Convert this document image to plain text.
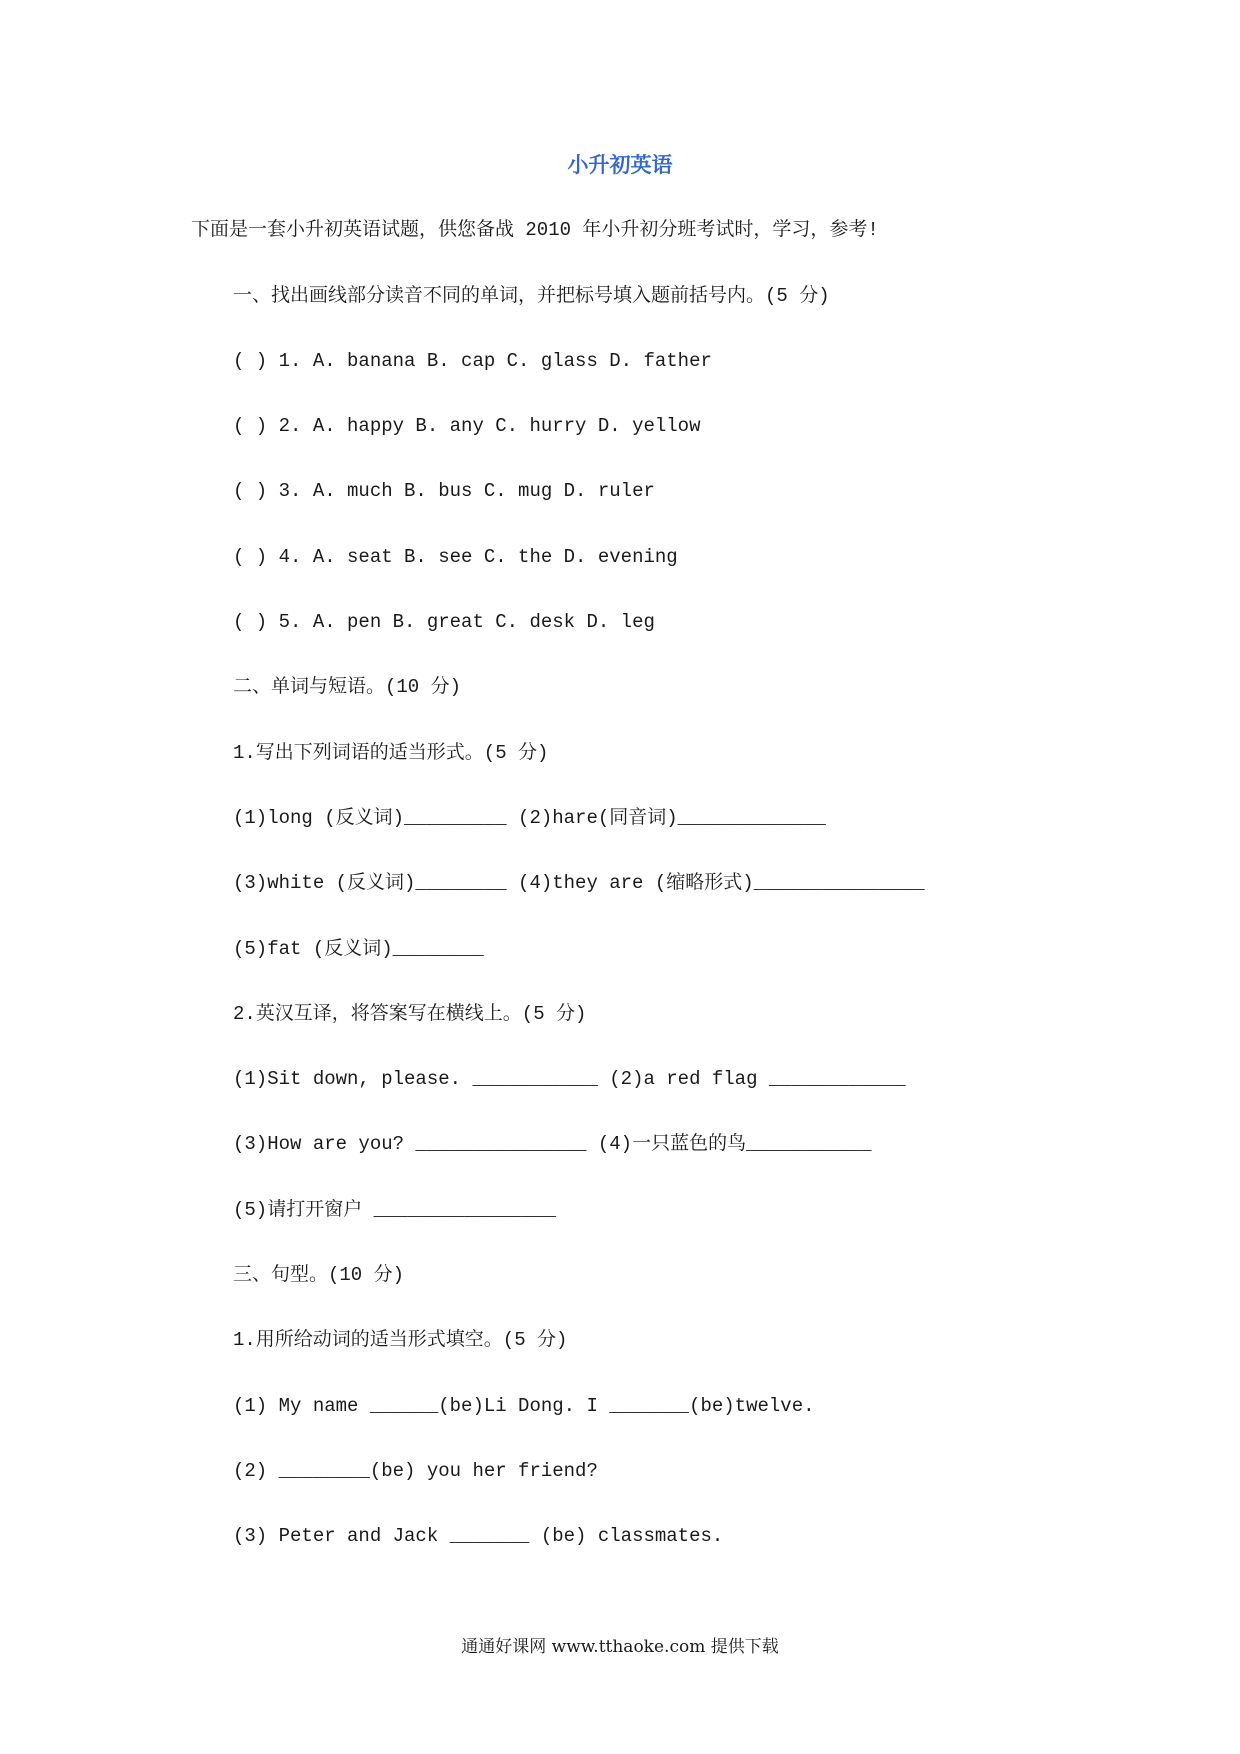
小升初英语
下面是一套小升初英语试题，供您备战 2010 年小升初分班考试时，学习，参考!
一、找出画线部分读音不同的单词，并把标号填入题前括号内。(5 分)
( ) 1. A. banana B. cap C. glass D. father
( ) 2. A. happy B. any C. hurry D. yellow
( ) 3. A. much B. bus C. mug D. ruler
( ) 4. A. seat B. see C. the D. evening
( ) 5. A. pen B. great C. desk D. leg
二、单词与短语。(10 分)
1.写出下列词语的适当形式。(5 分)
(1)long (反义词)_________ (2)hare(同音词)_____________
(3)white (反义词)________ (4)they are (缩略形式)_______________
(5)fat (反义词)________
2.英汉互译，将答案写在横线上。(5 分)
(1)Sit down, please. ___________ (2)a red flag ____________
(3)How are you? _______________ (4)一只蓝色的鸟___________
(5)请打开窗户 ________________
三、句型。(10 分)
1.用所给动词的适当形式填空。(5 分)
(1) My name ______(be)Li Dong. I _______(be)twelve.
(2) ________(be) you her friend?
(3) Peter and Jack _______ (be) classmates.
通通好课网 www.tthaoke.com 提供下载
